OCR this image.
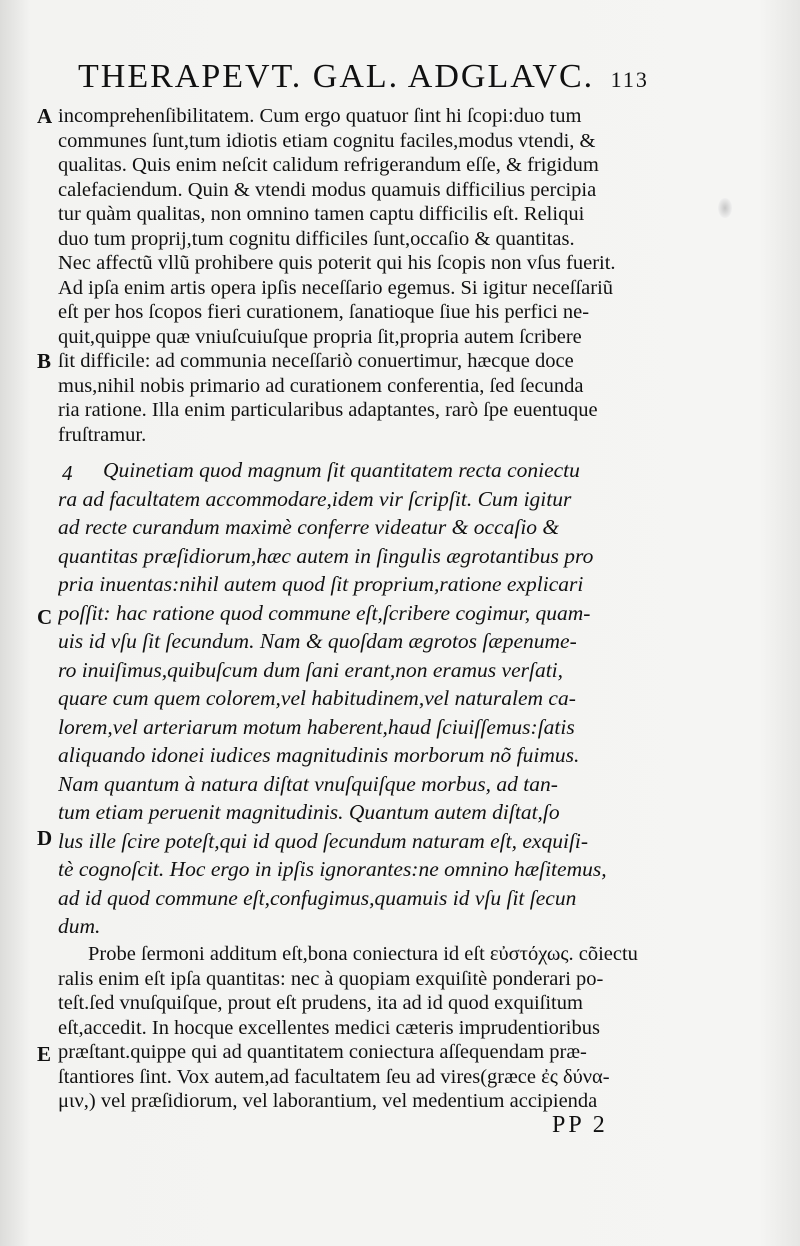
THERAPEVT. GAL. ADGLAVC. 113
A
B
C
D
E
incomprehenſibilitatem. Cum ergo quatuor ſint hi ſcopi:duo tum
communes ſunt,tum idiotis etiam cognitu faciles,modus vtendi, &
qualitas. Quis enim neſcit calidum refrigerandum eſſe, & frigidum
calefaciendum. Quin & vtendi modus quamuis difficilius percipia
tur quàm qualitas, non omnino tamen captu difficilis eſt. Reliqui
duo tum proprij,tum cognitu difficiles ſunt,occaſio & quantitas.
Nec affectũ vllũ prohibere quis poterit qui his ſcopis non vſus fuerit.
Ad ipſa enim artis opera ipſis neceſſario egemus. Si igitur neceſſariũ
eſt per hos ſcopos fieri curationem, ſanatioque ſiue his perfici ne-
quit,quippe quæ vniuſcuiuſque propria ſit,propria autem ſcribere
ſit difficile: ad communia neceſſariò conuertimur, hæcque doce
mus,nihil nobis primario ad curationem conferentia, ſed ſecunda
ria ratione. Illa enim particularibus adaptantes, rarò ſpe euentuque
fruſtramur.
4 Quinetiam quod magnum ſit quantitatem recta coniectu
ra ad facultatem accommodare,idem vir ſcripſit. Cum igitur
ad recte curandum maximè conferre videatur & occaſio &
quantitas præſidiorum,hæc autem in ſingulis ægrotantibus pro
pria inuentas:nihil autem quod ſit proprium,ratione explicari
poſſit: hac ratione quod commune eſt,ſcribere cogimur, quam-
uis id vſu ſit ſecundum. Nam & quoſdam ægrotos ſæpenume-
ro inuiſimus,quibuſcum dum ſani erant,non eramus verſati,
quare cum quem colorem,vel habitudinem,vel naturalem ca-
lorem,vel arteriarum motum haberent,haud ſciuiſſemus:ſatis
aliquando idonei iudices magnitudinis morborum nõ fuimus.
Nam quantum à natura diſtat vnuſquiſque morbus, ad tan-
tum etiam peruenit magnitudinis. Quantum autem diſtat,ſo
lus ille ſcire poteſt,qui id quod ſecundum naturam eſt, exquiſi-
tè cognoſcit. Hoc ergo in ipſis ignorantes:ne omnino hæſitemus,
ad id quod commune eſt,confugimus,quamuis id vſu ſit ſecun
dum.
Probe ſermoni additum eſt,bona coniectura id eſt εὐστόχως. cõiectu
ralis enim eſt ipſa quantitas: nec à quopiam exquiſitè ponderari po-
teſt.ſed vnuſquiſque, prout eſt prudens, ita ad id quod exquiſitum
eſt,accedit. In hocque excellentes medici cæteris imprudentioribus
præſtant.quippe qui ad quantitatem coniectura aſſequendam præ-
ſtantiores ſint. Vox autem,ad facultatem ſeu ad vires(græce ἐς δύνα-
μιν,) vel præſidiorum, vel laborantium, vel medentium accipienda
PP 2
